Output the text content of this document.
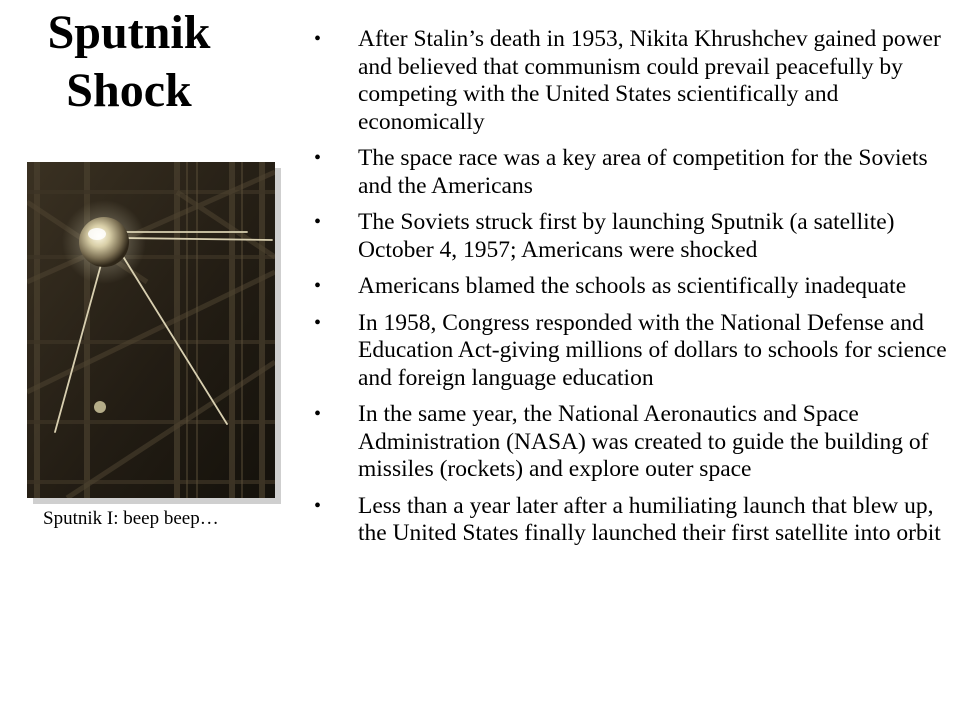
Sputnik
Shock
Sputnik I: beep beep…
•	After Stalin’s death in 1953, Nikita Khrushchev gained power and believed that communism could prevail peacefully by competing with the United States scientifically and economically
•	The space race was a key area of competition for the Soviets and the Americans
•	The Soviets struck first by launching Sputnik (a satellite) October 4, 1957; Americans were shocked
•	Americans blamed the schools as scientifically inadequate
•	In 1958, Congress responded with the National Defense and Education Act-giving millions of dollars to schools for science and foreign language education
•	In the same year, the National Aeronautics and Space Administration (NASA) was created to guide the building of missiles (rockets) and explore outer space
•	Less than a year later after a humiliating launch that blew up, the United States finally launched their first satellite into orbit
